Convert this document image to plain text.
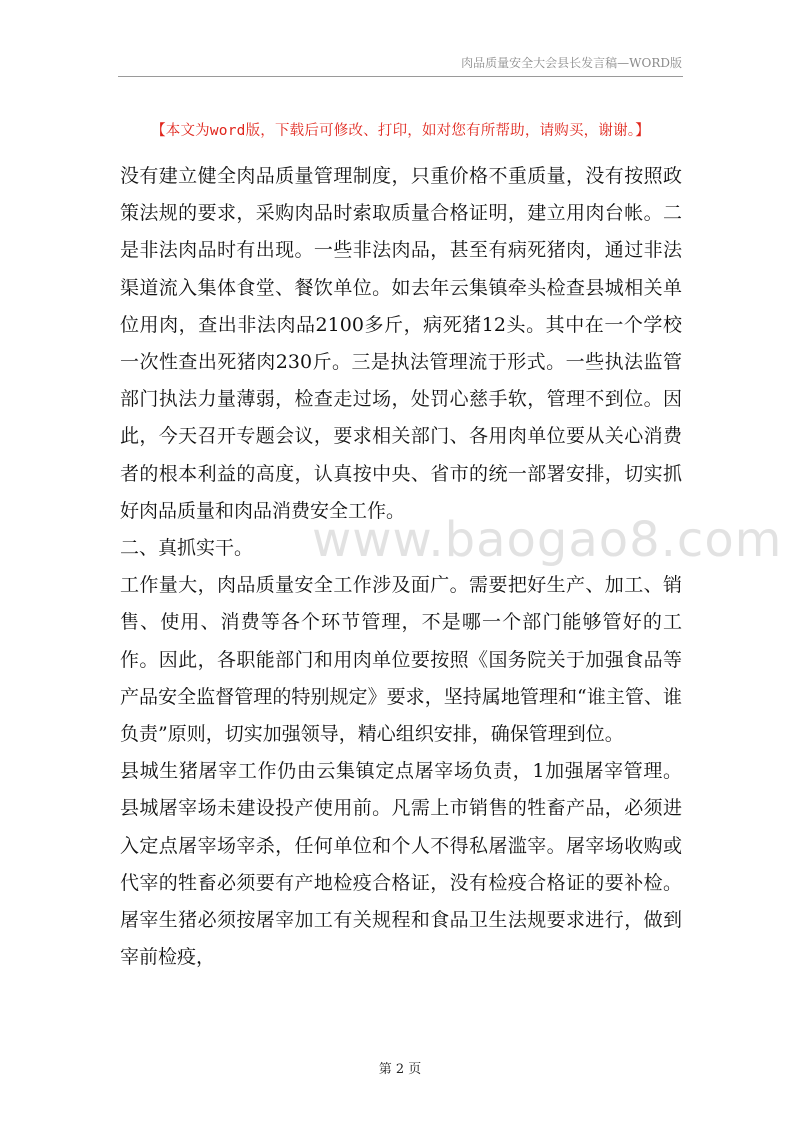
肉品质量安全大会县长发言稿—WORD版
【本文为word版，下载后可修改、打印，如对您有所帮助，请购买，谢谢。】

没有建立健全肉品质量管理制度，只重价格不重质量，没有按照政策法规的要求，采购肉品时索取质量合格证明，建立用肉台帐。二是非法肉品时有出现。一些非法肉品，甚至有病死猪肉，通过非法渠道流入集体食堂、餐饮单位。如去年云集镇牵头检查县城相关单位用肉，查出非法肉品2100多斤，病死猪12头。其中在一个学校一次性查出死猪肉230斤。三是执法管理流于形式。一些执法监管部门执法力量薄弱，检查走过场，处罚心慈手软，管理不到位。因此，今天召开专题会议，要求相关部门、各用肉单位要从关心消费者的根本利益的高度，认真按中央、省市的统一部署安排，切实抓好肉品质量和肉品消费安全工作。

二、真抓实干。

工作量大，肉品质量安全工作涉及面广。需要把好生产、加工、销售、使用、消费等各个环节管理，不是哪一个部门能够管好的工作。因此，各职能部门和用肉单位要按照《国务院关于加强食品等产品安全监督管理的特别规定》要求，坚持属地管理和“谁主管、谁负责”原则，切实加强领导，精心组织安排，确保管理到位。

县城生猪屠宰工作仍由云集镇定点屠宰场负责，1加强屠宰管理。县城屠宰场未建设投产使用前。凡需上市销售的牲畜产品，必须进入定点屠宰场宰杀，任何单位和个人不得私屠滥宰。屠宰场收购或代宰的牲畜必须要有产地检疫合格证，没有检疫合格证的要补检。屠宰生猪必须按屠宰加工有关规程和食品卫生法规要求进行，做到宰前检疫，

www.baogao8.com
第 2 页
